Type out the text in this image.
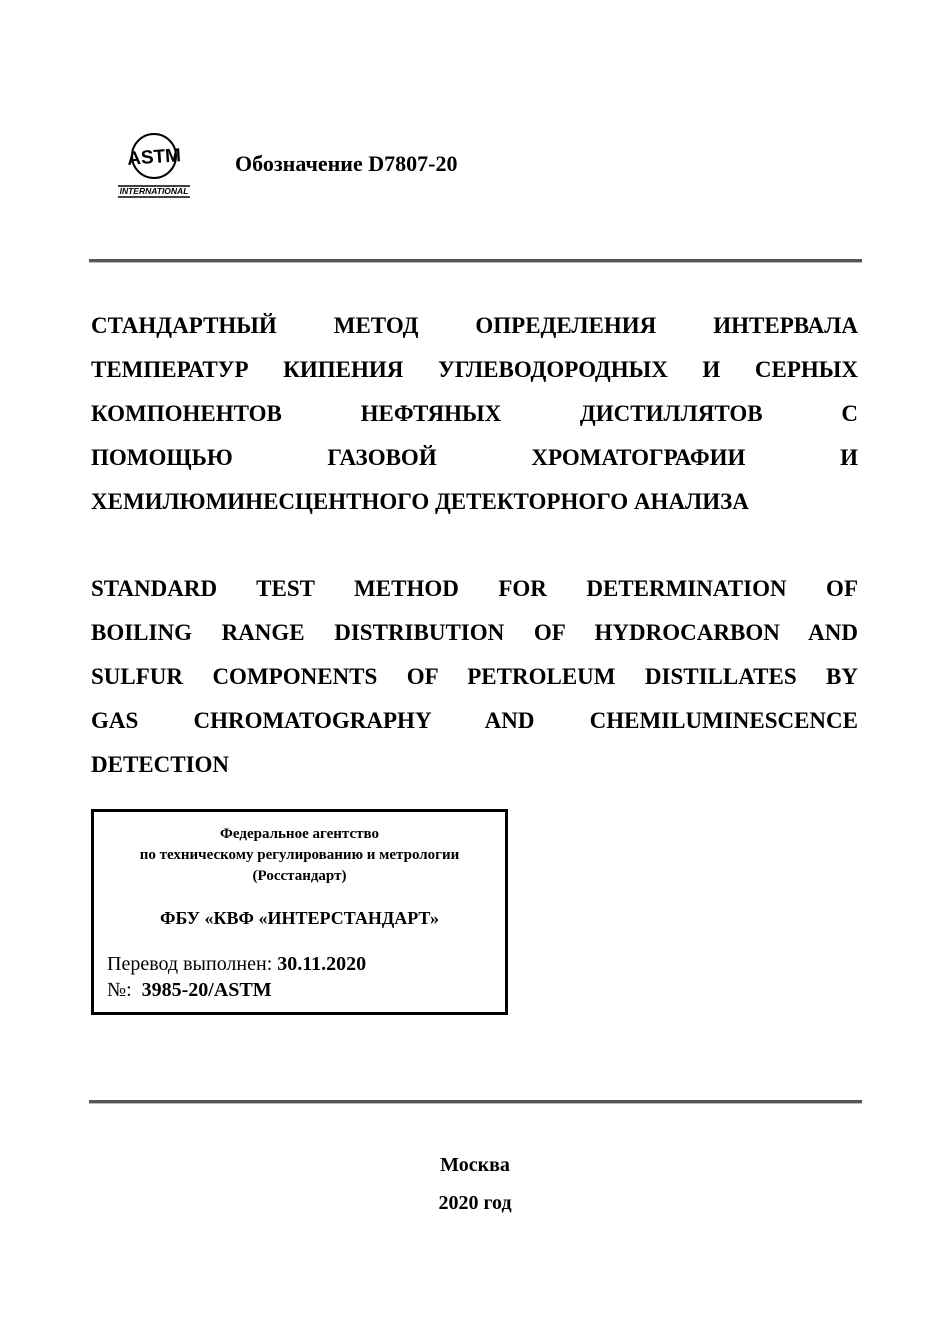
ASTM
INTERNATIONAL
Обозначение D7807-20
СТАНДАРТНЫЙ МЕТОД ОПРЕДЕЛЕНИЯ ИНТЕРВАЛА
ТЕМПЕРАТУР КИПЕНИЯ УГЛЕВОДОРОДНЫХ И СЕРНЫХ
КОМПОНЕНТОВ НЕФТЯНЫХ ДИСТИЛЛЯТОВ С
ПОМОЩЬЮ ГАЗОВОЙ ХРОМАТОГРАФИИ И
ХЕМИЛЮМИНЕСЦЕНТНОГО ДЕТЕКТОРНОГО АНАЛИЗА
STANDARD TEST METHOD FOR DETERMINATION OF
BOILING RANGE DISTRIBUTION OF HYDROCARBON AND
SULFUR COMPONENTS OF PETROLEUM DISTILLATES BY
GAS CHROMATOGRAPHY AND CHEMILUMINESCENCE
DETECTION
Федеральное агентство
по техническому регулированию и метрологии
(Росстандарт)
ФБУ «КВФ «ИНТЕРСТАНДАРТ»
Перевод выполнен: 30.11.2020
№: 3985-20/ASTM
Москва
2020 год
